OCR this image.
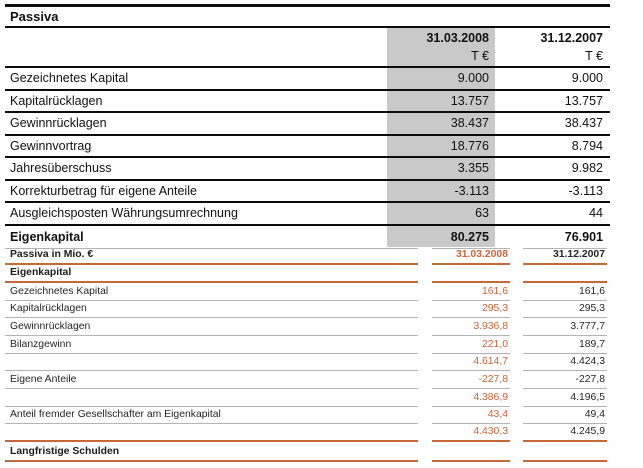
Passiva
31.03.2008	31.12.2007
T €	T €
Gezeichnetes Kapital	9.000	9.000
Kapitalrücklagen	13.757	13.757
Gewinnrücklagen	38.437	38.437
Gewinnvortrag	18.776	8.794
Jahresüberschuss	3.355	9.982
Korrekturbetrag für eigene Anteile	-3.113	-3.113
Ausgleichsposten Währungsumrechnung	63	44
Eigenkapital	80.275	76.901
Passiva in Mio. €	31.03.2008	31.12.2007
Eigenkapital
Gezeichnetes Kapital	161,6	161,6
Kapitalrücklagen	295,3	295,3
Gewinnrücklagen	3.936,8	3.777,7
Bilanzgewinn	221,0	189,7
4.614,7	4.424,3
Eigene Anteile	-227,8	-227,8
4.386,9	4.196,5
Anteil fremder Gesellschafter am Eigenkapital	43,4	49,4
4.430,3	4.245,9
Langfristige Schulden
